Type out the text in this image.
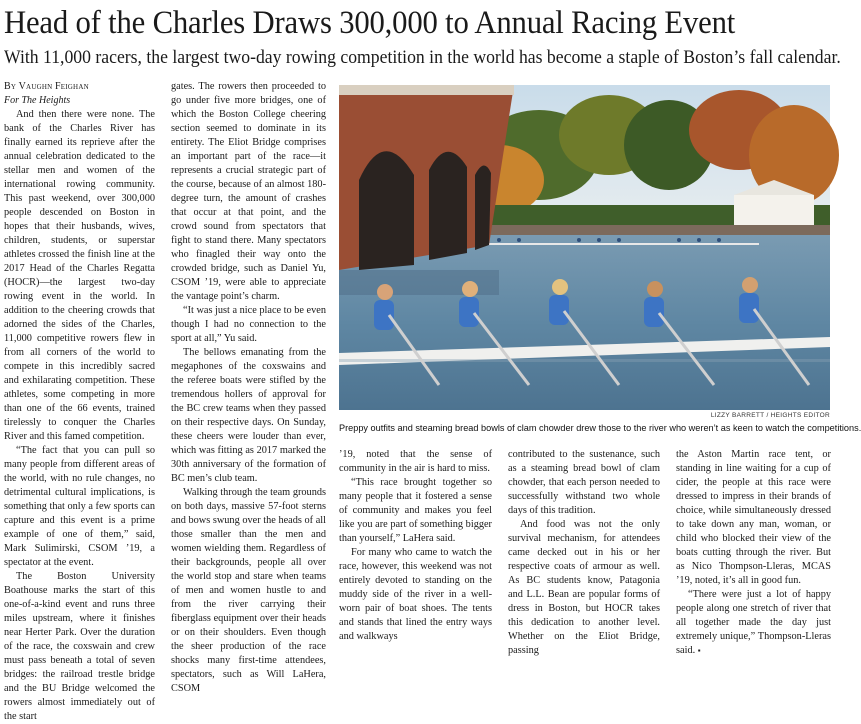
Head of the Charles Draws 300,000 to Annual Racing Event
With 11,000 racers, the largest two-day rowing competition in the world has become a staple of Boston’s fall calendar.

By Vaughn Feighan

For The Heights

And then there were none. The bank of the Charles River has finally earned its reprieve after the annual celebration dedicated to the stellar men and women of the international rowing community. This past weekend, over 300,000 people descended on Boston in hopes that their husbands, wives, children, students, or superstar athletes crossed the finish line at the 2017 Head of the Charles Regatta (HOCR)—the largest two-day rowing event in the world. In addition to the cheering crowds that adorned the sides of the Charles, 11,000 competitive rowers flew in from all corners of the world to compete in this incredibly sacred and exhilarating competition. These athletes, some competing in more than one of the 66 events, trained tirelessly to conquer the Charles River and this famed competition.

“The fact that you can pull so many people from different areas of the world, with no rule changes, no detrimental cultural implications, is something that only a few sports can capture and this event is a prime example of one of them,” said, Mark Sulimirski, CSOM ’19, a spectator at the event.

The Boston University Boathouse marks the start of this one-of-a-kind event and runs three miles upstream, where it finishes near Herter Park. Over the duration of the race, the coxswain and crew must pass beneath a total of seven bridges: the railroad trestle bridge and the BU Bridge welcomed the rowers almost immediately out of the start

gates. The rowers then proceeded to go under five more bridges, one of which the Boston College cheering section seemed to dominate in its entirety. The Eliot Bridge comprises an important part of the race—it represents a crucial strategic part of the course, because of an almost 180-degree turn, the amount of crashes that occur at that point, and the crowd sound from spectators that fight to stand there. Many spectators who finagled their way onto the crowded bridge, such as Daniel Yu, CSOM ’19, were able to appreciate the vantage point’s charm.

“It was just a nice place to be even though I had no connection to the sport at all,” Yu said.

The bellows emanating from the megaphones of the coxswains and the referee boats were stifled by the tremendous hollers of approval for the BC crew teams when they passed on their respective days. On Sunday, these cheers were louder than ever, which was fitting as 2017 marked the 30th anniversary of the formation of BC men’s club team.

Walking through the team grounds on both days, massive 57-foot sterns and bows swung over the heads of all those smaller than the men and women wielding them. Regardless of their backgrounds, people all over the world stop and stare when teams of men and women hustle to and from the river carrying their fiberglass equipment over their heads or on their shoulders. Even though the sheer production of the race shocks many first-time attendees, spectators, such as Will LaHera, CSOM

LIZZY BARRETT / HEIGHTS EDITOR
Preppy outfits and steaming bread bowls of clam chowder drew those to the river who weren’t as keen to watch the competitions.

’19, noted that the sense of community in the air is hard to miss.

“This race brought together so many people that it fostered a sense of community and makes you feel like you are part of something bigger than yourself,” LaHera said.

For many who came to watch the race, however, this weekend was not entirely devoted to standing on the muddy side of the river in a well-worn pair of boat shoes. The tents and stands that lined the entry ways and walkways

contributed to the sustenance, such as a steaming bread bowl of clam chowder, that each person needed to successfully withstand two whole days of this tradition.

And food was not the only survival mechanism, for attendees came decked out in his or her respective coats of armour as well. As BC students know, Patagonia and L.L. Bean are popular forms of dress in Boston, but HOCR takes this dedication to another level. Whether on the Eliot Bridge, passing

the Aston Martin race tent, or standing in line waiting for a cup of cider, the people at this race were dressed to impress in their brands of choice, while simultaneously dressed to take down any man, woman, or child who blocked their view of the boats cutting through the river. But as Nico Thompson-Lleras, MCAS ’19, noted, it’s all in good fun.

“There were just a lot of happy people along one stretch of river that all together made the day just extremely unique,” Thompson-Lleras said. ▪
